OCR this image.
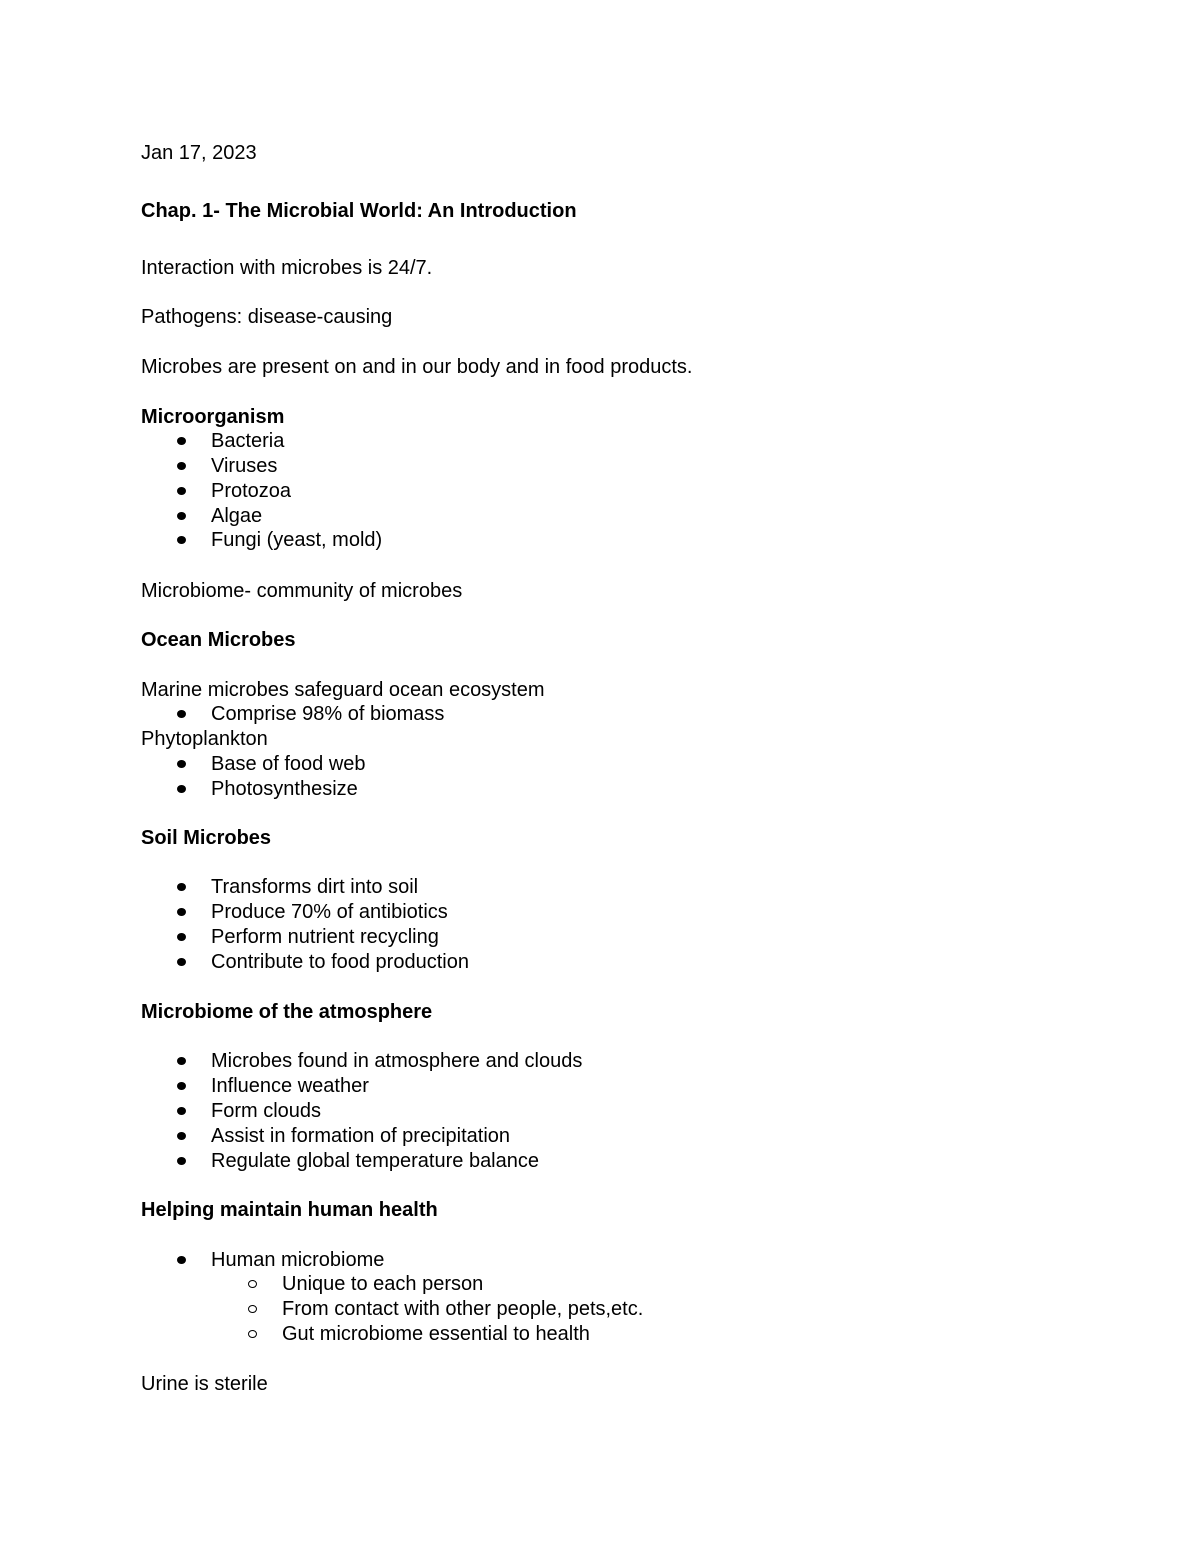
Jan 17, 2023
Chap. 1- The Microbial World: An Introduction
Interaction with microbes is 24/7.
Pathogens: disease-causing
Microbes are present on and in our body and in food products.
Microorganism
Bacteria
Viruses
Protozoa
Algae
Fungi (yeast, mold)
Microbiome- community of microbes
Ocean Microbes
Marine microbes safeguard ocean ecosystem
Comprise 98% of biomass
Phytoplankton
Base of food web
Photosynthesize
Soil Microbes
Transforms dirt into soil
Produce 70% of antibiotics
Perform nutrient recycling
Contribute to food production
Microbiome of the atmosphere
Microbes found in atmosphere and clouds
Influence weather
Form clouds
Assist in formation of precipitation
Regulate global temperature balance
Helping maintain human health
Human microbiome
Unique to each person
From contact with other people, pets,etc.
Gut microbiome essential to health
Urine is sterile
